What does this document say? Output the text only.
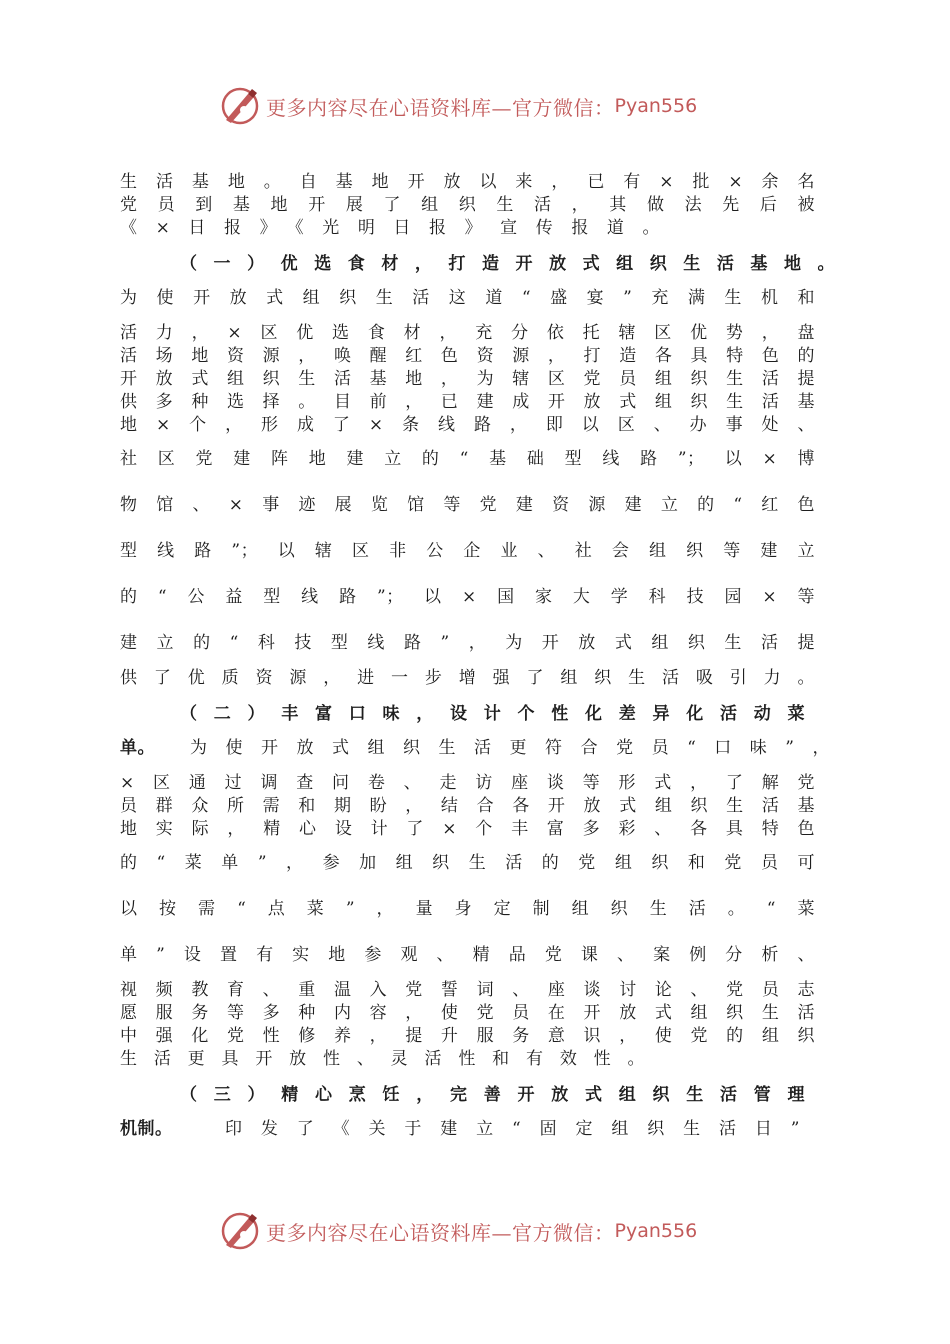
更多内容尽在心语资料库—官方微信： Pyan556
生活基地。自基地开放以来，已有×批×余名
党员到基地开展了组织生活，其做法先后被
《×日报》《光明日报》宣传报道。
（一）优选食材，打造开放式组织生活基地。
为使开放式组织生活这道“盛宴”充满生机和
活力，×区优选食材，充分依托辖区优势，盘
活场地资源，唤醒红色资源，打造各具特色的
开放式组织生活基地，为辖区党员组织生活提
供多种选择。目前，已建成开放式组织生活基
地×个，形成了×条线路，即以区、办事处、
社区党建阵地建立的“基础型线路”；以×博
物馆、×事迹展览馆等党建资源建立的“红色
型线路”；以辖区非公企业、社会组织等建立
的“公益型线路”；以×国家大学科技园×等
建立的“科技型线路”，为开放式组织生活提
供了优质资源，进一步增强了组织生活吸引力。
（二）丰富口味，设计个性化差异化活动菜
单。	为使开放式组织生活更符合党员“口味”，
×区通过调查问卷、走访座谈等形式，了解党
员群众所需和期盼，结合各开放式组织生活基
地实际，精心设计了×个丰富多彩、各具特色
的“菜单”，参加组织生活的党组织和党员可
以按需“点菜”，量身定制组织生活。“菜
单”设置有实地参观、精品党课、案例分析、
视频教育、重温入党誓词、座谈讨论、党员志
愿服务等多种内容，使党员在开放式组织生活
中强化党性修养，提升服务意识，使党的组织
生活更具开放性、灵活性和有效性。
（三）精心烹饪，完善开放式组织生活管理
机制。	印发了《关于建立“固定组织生活日”
更多内容尽在心语资料库—官方微信： Pyan556
